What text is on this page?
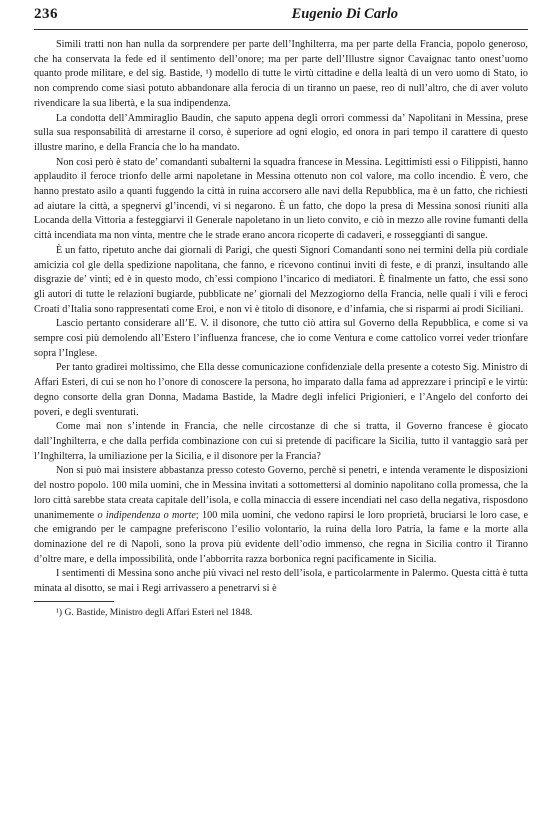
236	Eugenio Di Carlo

Simili tratti non han nulla da sorprendere per parte dell’Inghilterra, ma per parte della Francia, popolo generoso, che ha conservata la fede ed il sentimento dell’onore; ma per parte dell’Illustre signor Cavaignac tanto onest’uomo quanto prode militare, e del sig. Bastide, ¹) modello di tutte le virtù cittadine e della lealtà di un vero uomo di Stato, io non comprendo come siasi potuto abbandonare alla ferocia di un tiranno un paese, reo di null’altro, che di aver voluto rivendicare la sua libertà, e la sua indipendenza.

La condotta dell’Ammiraglio Baudin, che saputo appena degli orrori commessi da’ Napolitani in Messina, prese sulla sua responsabilità di arrestarne il corso, è superiore ad ogni elogio, ed onora in pari tempo il carattere di questo illustre marino, e della Francia che lo ha mandato.

Non così però è stato de’ comandanti subalterni la squadra francese in Messina. Legittimisti essi o Filippisti, hanno applaudito il feroce trionfo delle armi napoletane in Messina ottenuto non col valore, ma collo incendio. È vero, che hanno prestato asilo a quanti fuggendo la città in ruina accorsero alle navi della Repubblica, ma è un fatto, che richiesti ad aiutare la città, a spegnervi gl’incendi, vi si negarono. È un fatto, che dopo la presa di Messina sonosi riuniti alla Locanda della Vittoria a festeggiarvi il Generale napoletano in un lieto convito, e ciò in mezzo alle rovine fumanti della città incendiata ma non vinta, mentre che le strade erano ancora ricoperte di cadaveri, e rosseggianti di sangue.

È un fatto, ripetuto anche dai giornali di Parigi, che questi Signori Comandanti sono nei termini della più cordiale amicizia col gle della spedizione napolitana, che fanno, e ricevono continui inviti di feste, e di pranzi, insultando alle disgrazie de’ vinti; ed è in questo modo, ch’essi compiono l’incarico di mediatori. È finalmente un fatto, che essi sono gli autori di tutte le relazioni bugiarde, pubblicate ne’ giornali del Mezzogiorno della Francia, nelle quali i vili e feroci Croati d’Italia sono rappresentati come Eroi, e non vi è titolo di disonore, e d’infamia, che si risparmi ai prodi Siciliani.

Lascio pertanto considerare all’E. V. il disonore, che tutto ciò attira sul Governo della Repubblica, e come si va sempre così più demolendo all’Estero l’influenza francese, che io come Ventura e come cattolico vorrei veder trionfare sopra l’Inglese.

Per tanto gradirei moltissimo, che Ella desse comunicazione confidenziale della presente a cotesto Sig. Ministro di Affari Esteri, di cui se non ho l’onore di conoscere la persona, ho imparato dalla fama ad apprezzare i principî e le virtù: degno consorte della gran Donna, Madama Bastide, la Madre degli infelici Prigionieri, e l’Angelo del conforto dei poveri, e degli sventurati.

Come mai non s’intende in Francia, che nelle circostanze di che si tratta, il Governo francese è giocato dall’Inghilterra, e che dalla perfida combinazione con cui si pretende di pacificare la Sicilia, tutto il vantaggio sarà per l’Inghilterra, la umiliazione per la Sicilia, e il disonore per la Francia?

Non si può mai insistere abbastanza presso cotesto Governo, perchè si penetri, e intenda veramente le disposizioni del nostro popolo. 100 mila uomini, che in Messina invitati a sottomettersi al dominio napolitano colla promessa, che la loro città sarebbe stata creata capitale dell’isola, e colla minaccia di essere incendiati nel caso della negativa, risposdono unanimemente o indipendenza o morte; 100 mila uomini, che vedono rapirsi le loro proprietà, bruciarsi le loro case, e che emigrando per le campagne preferiscono l’esilio volontario, la ruina della loro Patria, la fame e la morte alla dominazione del re di Napoli, sono la prova più evidente dell’odio immenso, che regna in Sicilia contro il Tiranno d’oltre mare, e della impossibilità, onde l’abborrita razza borbonica regni pacificamente in Sicilia.

I sentimenti di Messina sono anche più vivaci nel resto dell’isola, e particolarmente in Palermo. Questa città è tutta minata al disotto, se mai i Regi arrivassero a penetrarvi si è

¹) G. Bastide, Ministro degli Affari Esteri nel 1848.
